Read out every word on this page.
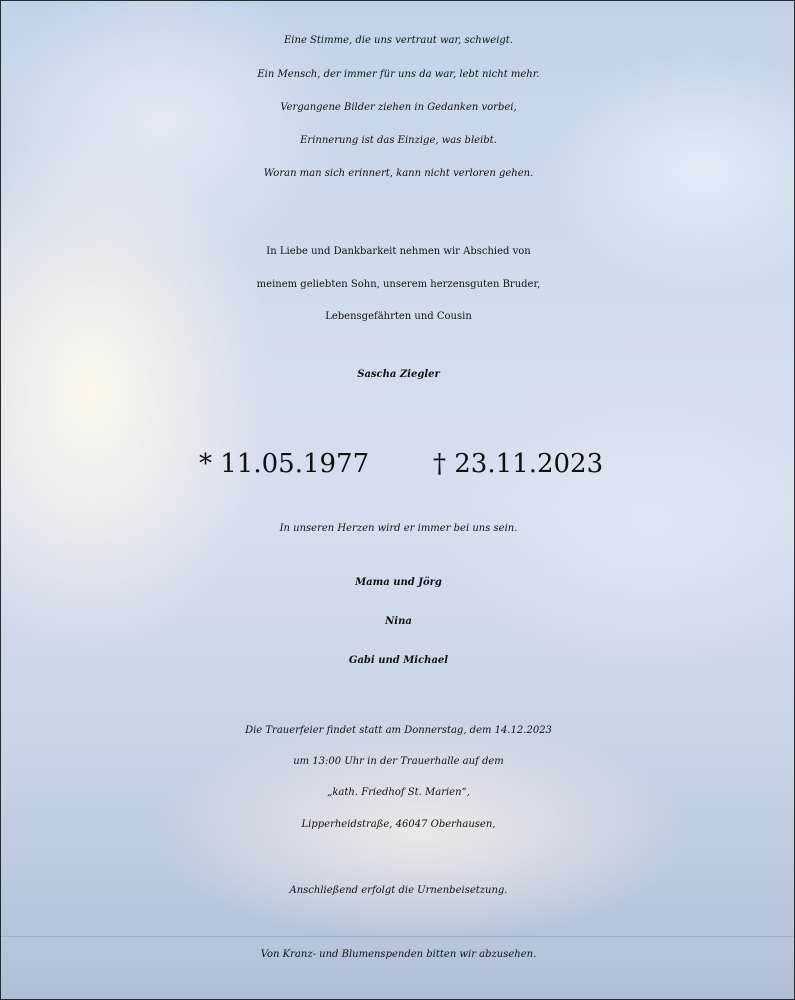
Eine Stimme, die uns vertraut war, schweigt.
Ein Mensch, der immer für uns da war, lebt nicht mehr.
Vergangene Bilder ziehen in Gedanken vorbei,
Erinnerung ist das Einzige, was bleibt.
Woran man sich erinnert, kann nicht verloren gehen.
In Liebe und Dankbarkeit nehmen wir Abschied von
meinem geliebten Sohn, unserem herzensguten Bruder,
Lebensgefährten und Cousin
Sascha Ziegler
* 11.05.1977 † 23.11.2023
In unseren Herzen wird er immer bei uns sein.
Mama und Jörg
Nina
Gabi und Michael
Die Trauerfeier findet statt am Donnerstag, dem 14.12.2023
um 13:00 Uhr in der Trauerhalle auf dem
„kath. Friedhof St. Marien“,
Lipperheidstraße, 46047 Oberhausen,
Anschließend erfolgt die Urnenbeisetzung.
Von Kranz- und Blumenspenden bitten wir abzusehen.
